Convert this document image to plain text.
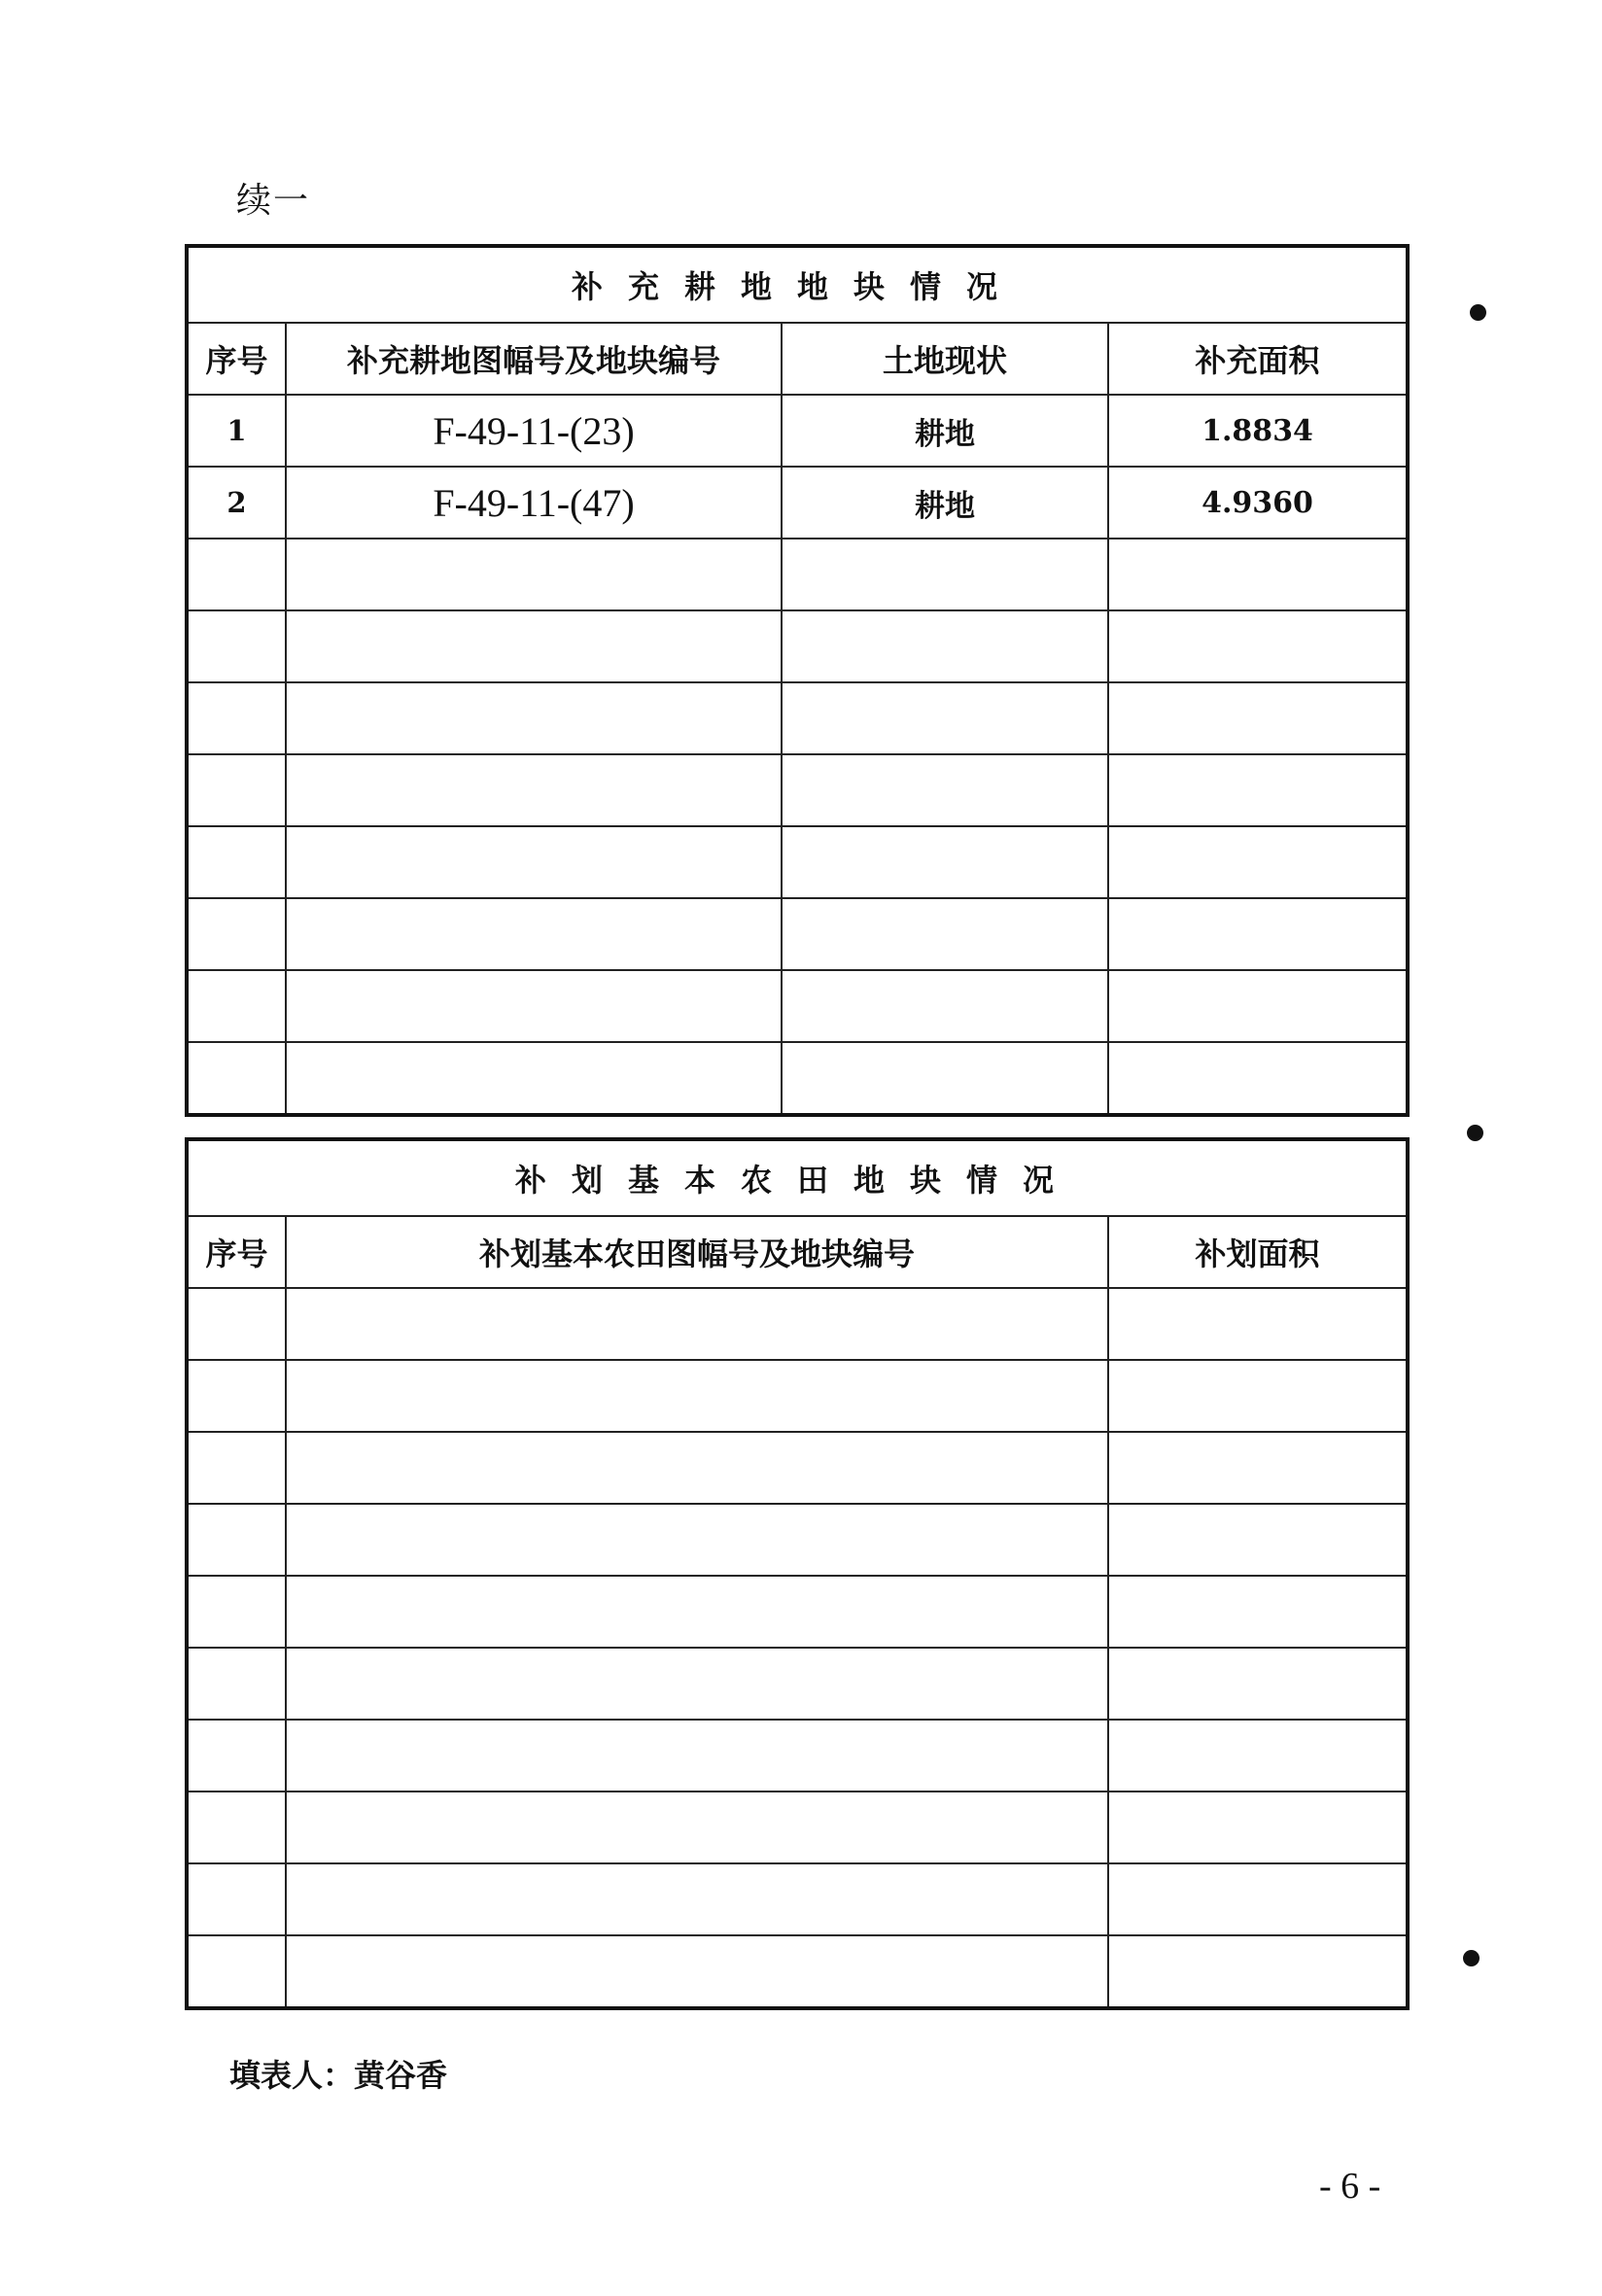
续一
补充耕地地块情况			
序号	补充耕地图幅号及地块编号	土地现状	补充面积
1	F-49-11-(23)	耕地	1.8834
2	F-49-11-(47)	耕地	4.9360

补划基本农田地块情况		
序号	补划基本农田图幅号及地块编号	补划面积

填表人：黄谷香
- 6 -
